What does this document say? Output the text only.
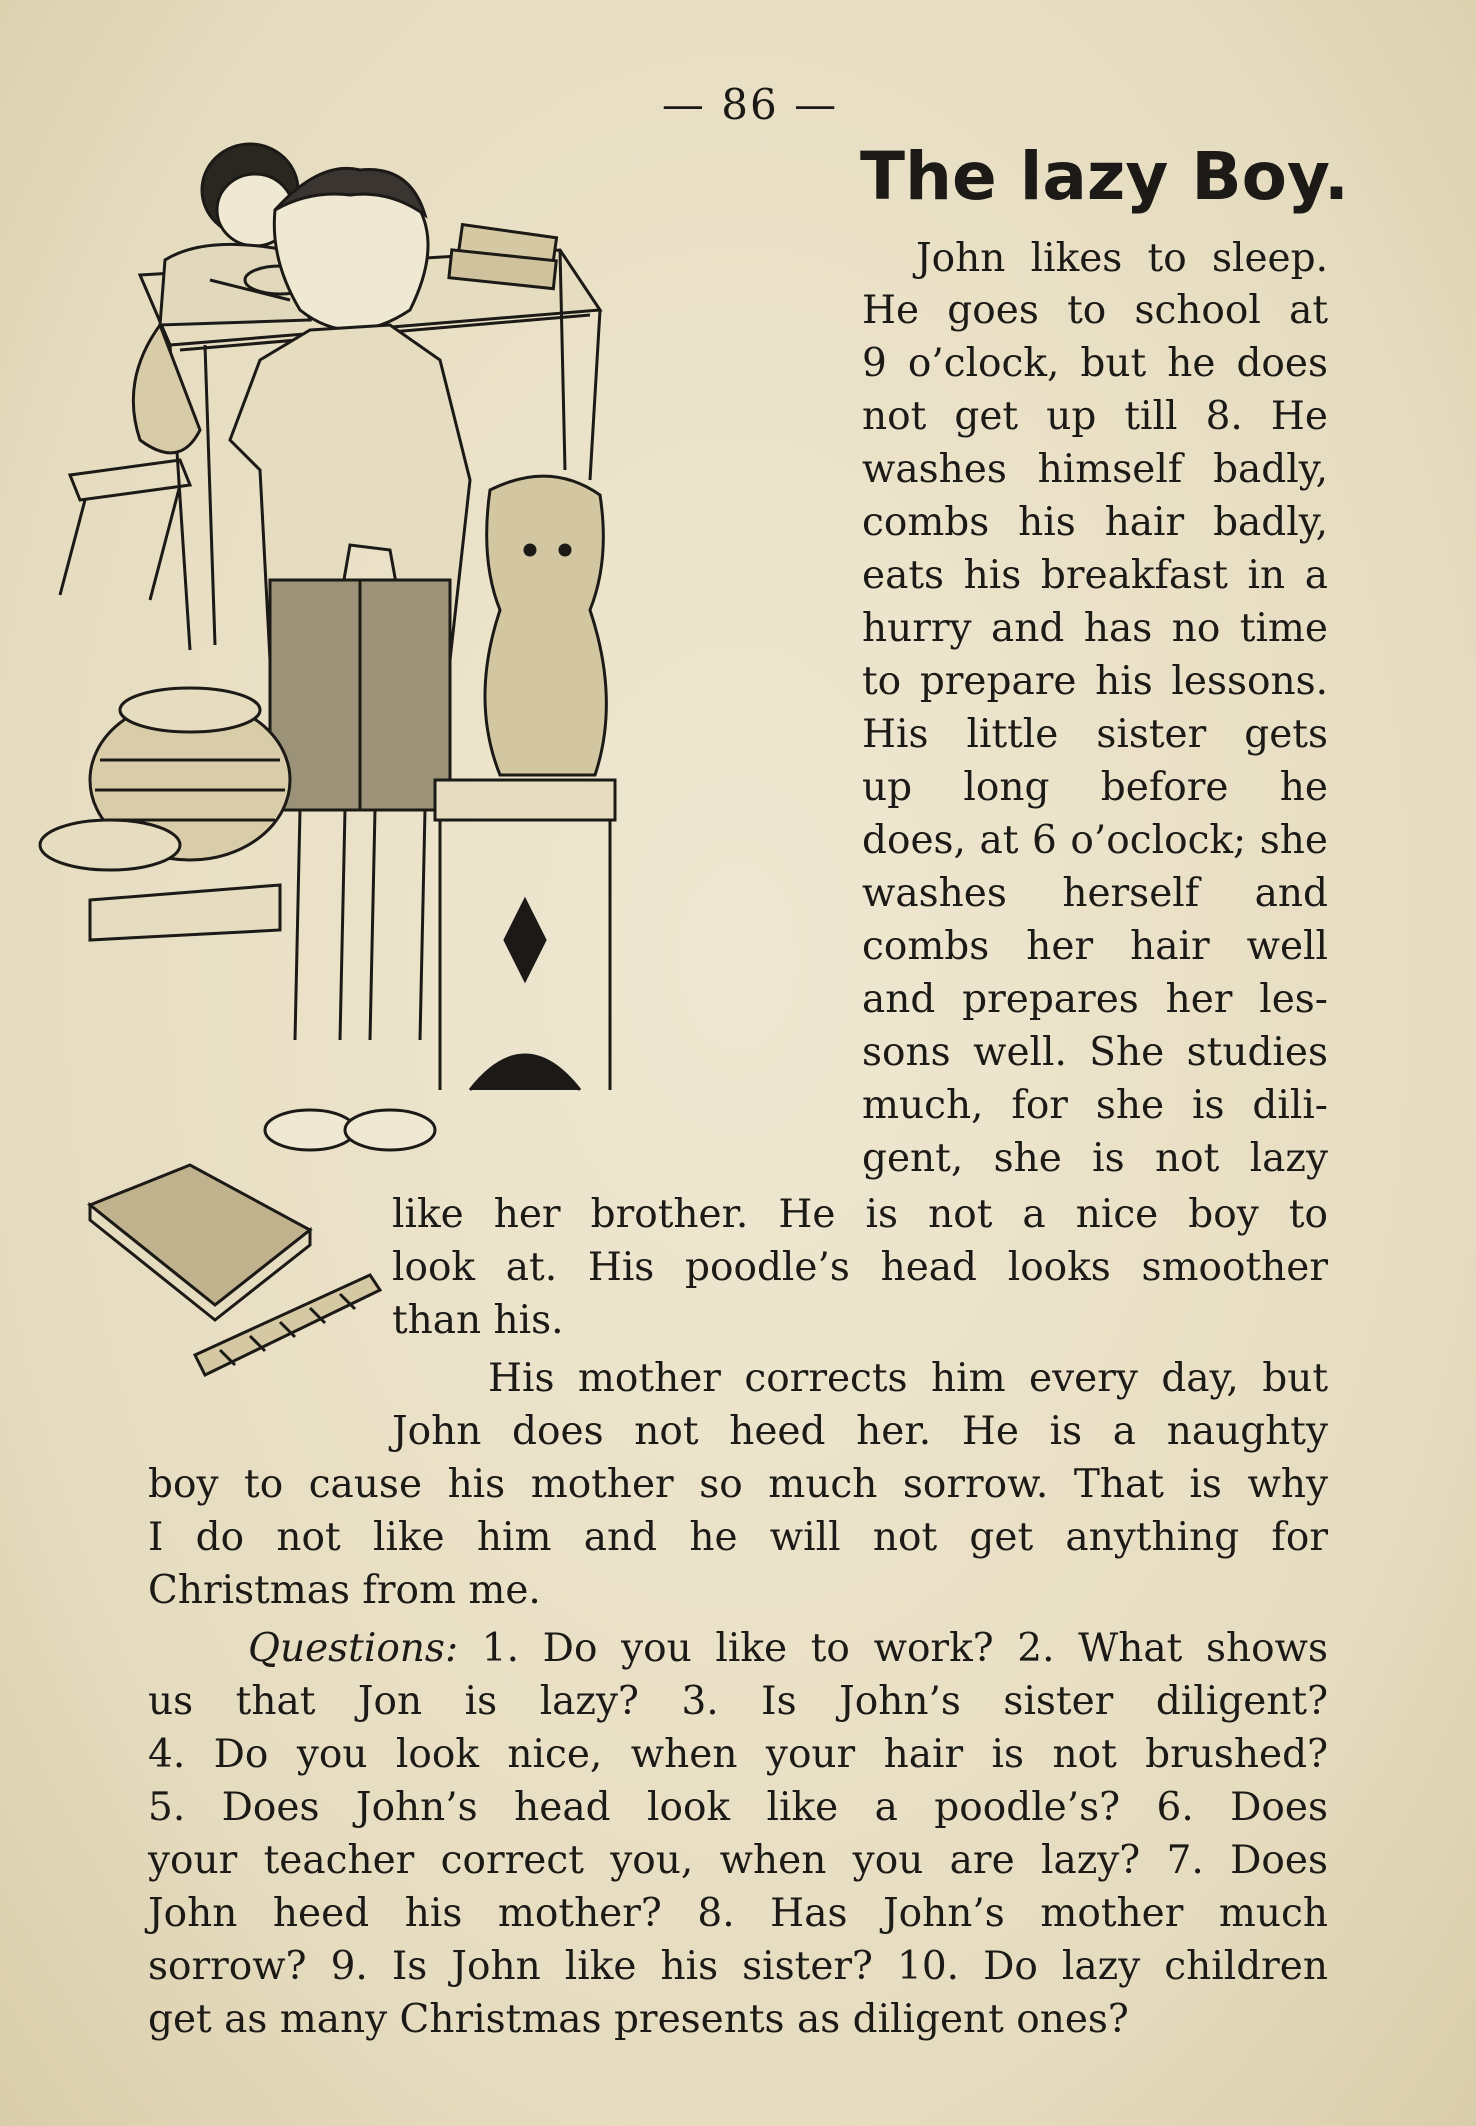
— 86 —
The lazy Boy.
John likes to sleep.
He goes to school at
9 o’clock, but he does
not get up till 8. He
washes himself badly,
combs his hair badly,
eats his breakfast in a
hurry and has no time
to prepare his lessons.
His little sister gets
up long before he
does, at 6 o’oclock; she
washes herself and
combs her hair well
and prepares her les-
sons well. She studies
much, for she is dili-
gent, she is not lazy
like her brother. He is not a nice boy to
look at. His poodle’s head looks smoother
than his.
His mother corrects him every day, but
John does not heed her. He is a naughty
boy to cause his mother so much sorrow. That is why
I do not like him and he will not get anything for
Christmas from me.
Questions: 1. Do you like to work? 2. What shows
us that Jon is lazy? 3. Is John’s sister diligent?
4. Do you look nice, when your hair is not brushed?
5. Does John’s head look like a poodle’s? 6. Does
your teacher correct you, when you are lazy? 7. Does
John heed his mother? 8. Has John’s mother much
sorrow? 9. Is John like his sister? 10. Do lazy children
get as many Christmas presents as diligent ones?
